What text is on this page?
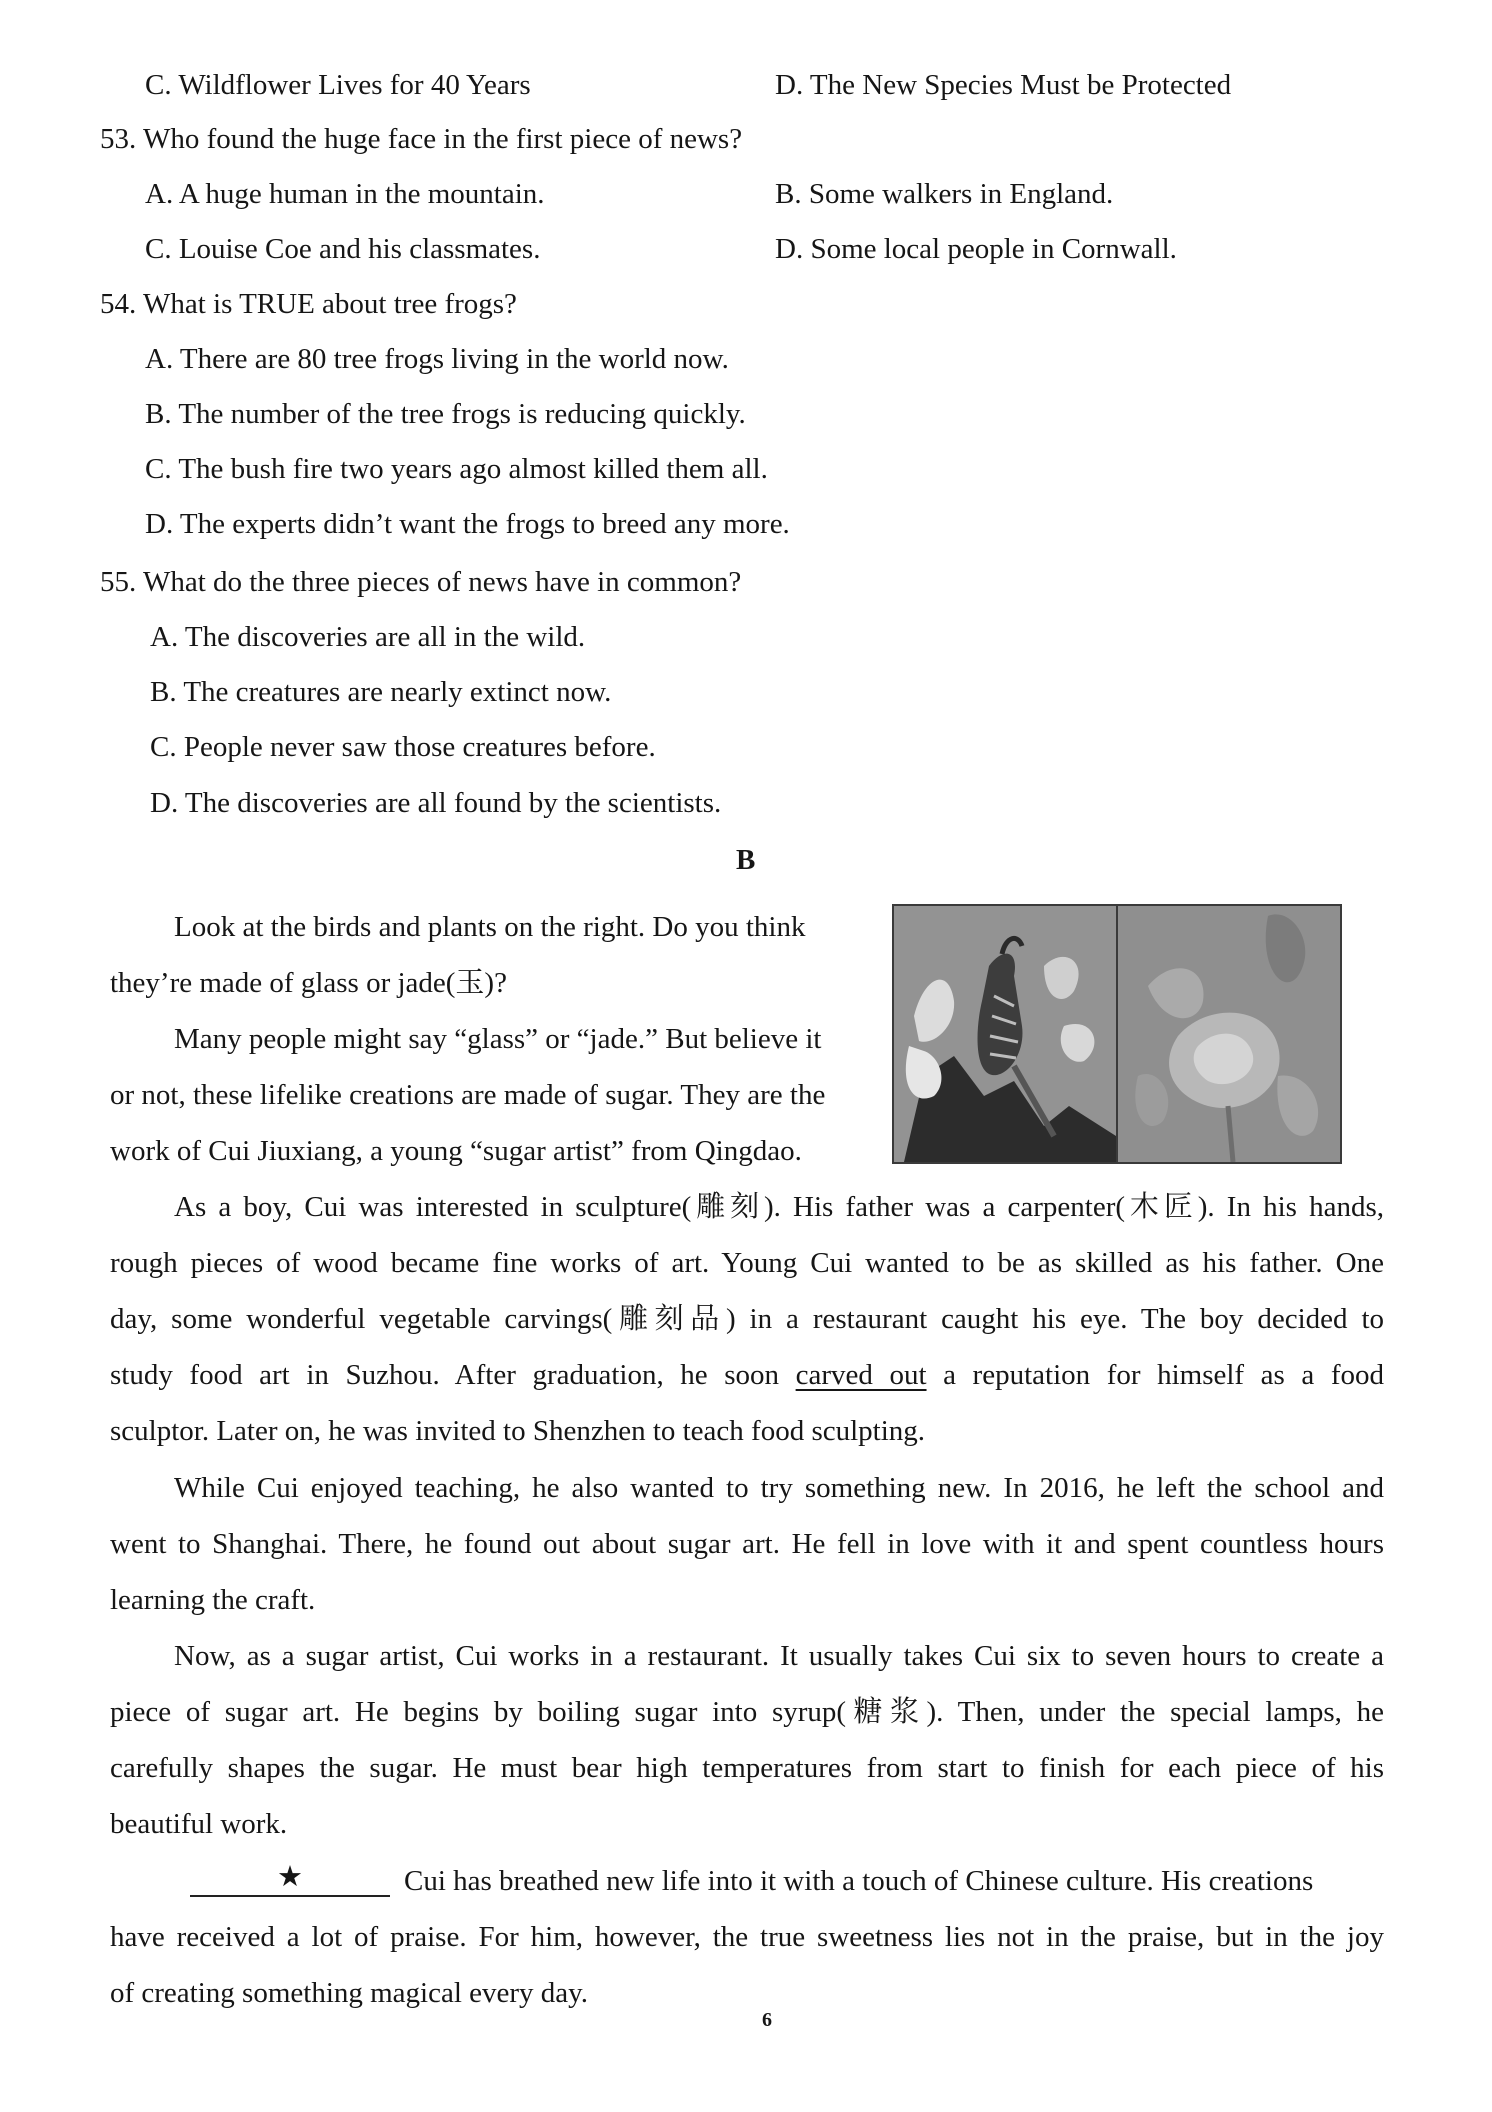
C. Wildflower Lives for 40 Years	D. The New Species Must be Protected
53. Who found the huge face in the first piece of news?
A. A huge human in the mountain.	B. Some walkers in England.
C. Louise Coe and his classmates.	D. Some local people in Cornwall.
54. What is TRUE about tree frogs?
A. There are 80 tree frogs living in the world now.
B. The number of the tree frogs is reducing quickly.
C. The bush fire two years ago almost killed them all.
D. The experts didn’t want the frogs to breed any more.
55. What do the three pieces of news have in common?
A. The discoveries are all in the wild.
B. The creatures are nearly extinct now.
C. People never saw those creatures before.
D. The discoveries are all found by the scientists.
B
Look at the birds and plants on the right. Do you think
they’re made of glass or jade(玉)?
Many people might say “glass” or “jade.” But believe it
or not, these lifelike creations are made of sugar. They are the
work of Cui Jiuxiang, a young “sugar artist” from Qingdao.
As a boy, Cui was interested in sculpture(雕刻). His father was a carpenter(木匠). In his hands,
rough pieces of wood became fine works of art. Young Cui wanted to be as skilled as his father. One
day, some wonderful vegetable carvings(雕刻品) in a restaurant caught his eye. The boy decided to
study food art in Suzhou. After graduation, he soon carved out a reputation for himself as a food
sculptor. Later on, he was invited to Shenzhen to teach food sculpting.
While Cui enjoyed teaching, he also wanted to try something new. In 2016, he left the school and
went to Shanghai. There, he found out about sugar art. He fell in love with it and spent countless hours
learning the craft.
Now, as a sugar artist, Cui works in a restaurant. It usually takes Cui six to seven hours to create a
piece of sugar art. He begins by boiling sugar into syrup(糖浆). Then, under the special lamps, he
carefully shapes the sugar. He must bear high temperatures from start to finish for each piece of his
beautiful work.
★	Cui has breathed new life into it with a touch of Chinese culture. His creations
have received a lot of praise. For him, however, the true sweetness lies not in the praise, but in the joy
of creating something magical every day.
6
